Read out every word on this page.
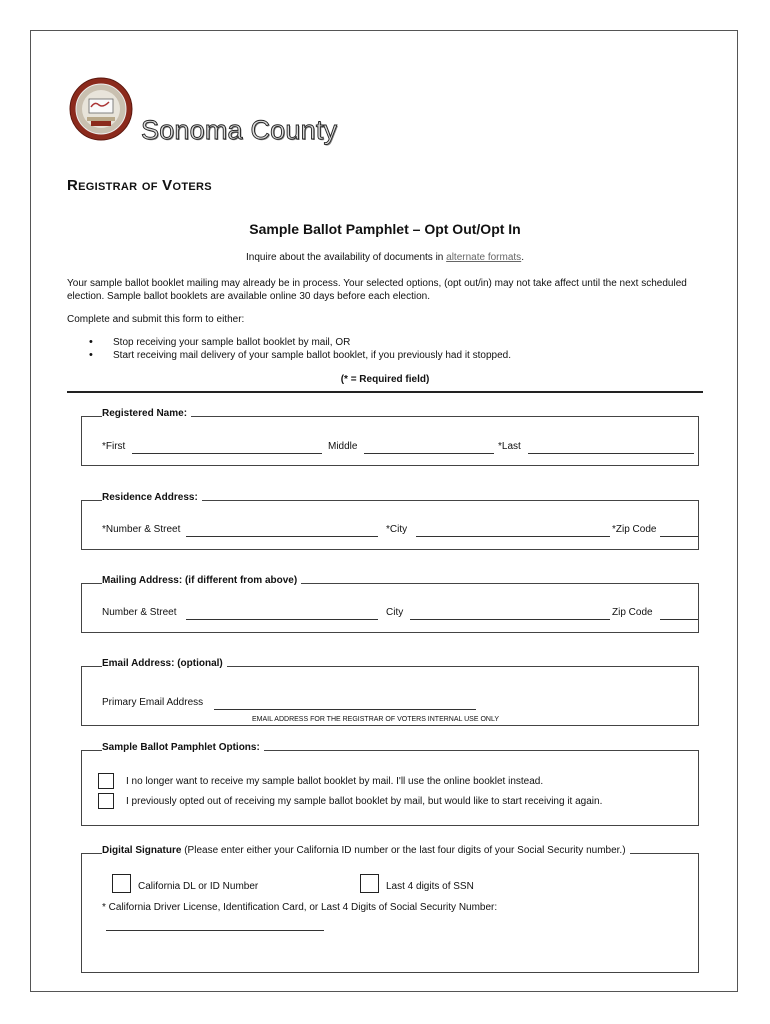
Sonoma County
Registrar of Voters
Sample Ballot Pamphlet – Opt Out/Opt In
Inquire about the availability of documents in alternate formats.
Your sample ballot booklet mailing may already be in process. Your selected options, (opt out/in) may not take affect until the next scheduled election. Sample ballot booklets are available online 30 days before each election.
Complete and submit this form to either:
• Stop receiving your sample ballot booklet by mail, OR
• Start receiving mail delivery of your sample ballot booklet, if you previously had it stopped.
(* = Required field)
Registered Name:
*First	Middle	*Last
Residence Address:
*Number & Street	*City	*Zip Code
Mailing Address: (if different from above)
Number & Street	City	Zip Code
Email Address: (optional)
Primary Email Address
EMAIL ADDRESS FOR THE REGISTRAR OF VOTERS INTERNAL USE ONLY
Sample Ballot Pamphlet Options:
I no longer want to receive my sample ballot booklet by mail. I'll use the online booklet instead.
I previously opted out of receiving my sample ballot booklet by mail, but would like to start receiving it again.
Digital Signature (Please enter either your California ID number or the last four digits of your Social Security number.)
California DL or ID Number	Last 4 digits of SSN
* California Driver License, Identification Card, or Last 4 Digits of Social Security Number:
